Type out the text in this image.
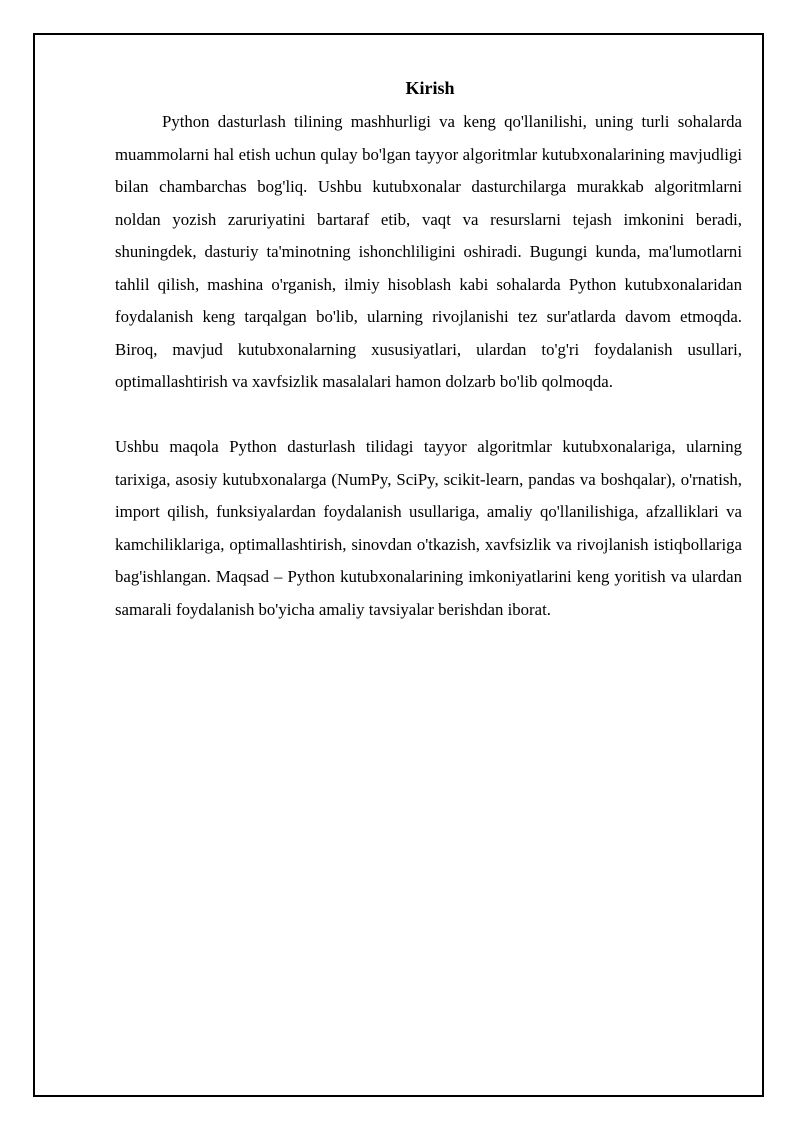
Kirish

Python dasturlash tilining mashhurligi va keng qo'llanilishi, uning turli sohalarda muammolarni hal etish uchun qulay bo'lgan tayyor algoritmlar kutubxonalarining mavjudligi bilan chambarchas bog'liq. Ushbu kutubxonalar dasturchilarga murakkab algoritmlarni noldan yozish zaruriyatini bartaraf etib, vaqt va resurslarni tejash imkonini beradi, shuningdek, dasturiy ta'minotning ishonchliligini oshiradi. Bugungi kunda, ma'lumotlarni tahlil qilish, mashina o'rganish, ilmiy hisoblash kabi sohalarda Python kutubxonalaridan foydalanish keng tarqalgan bo'lib, ularning rivojlanishi tez sur'atlarda davom etmoqda. Biroq, mavjud kutubxonalarning xususiyatlari, ulardan to'g'ri foydalanish usullari, optimallashtirish va xavfsizlik masalalari hamon dolzarb bo'lib qolmoqda.

Ushbu maqola Python dasturlash tilidagi tayyor algoritmlar kutubxonalariga, ularning tarixiga, asosiy kutubxonalarga (NumPy, SciPy, scikit-learn, pandas va boshqalar), o'rnatish, import qilish, funksiyalardan foydalanish usullariga, amaliy qo'llanilishiga, afzalliklari va kamchiliklariga, optimallashtirish, sinovdan o'tkazish, xavfsizlik va rivojlanish istiqbollariga bag'ishlangan. Maqsad – Python kutubxonalarining imkoniyatlarini keng yoritish va ulardan samarali foydalanish bo'yicha amaliy tavsiyalar berishdan iborat.
